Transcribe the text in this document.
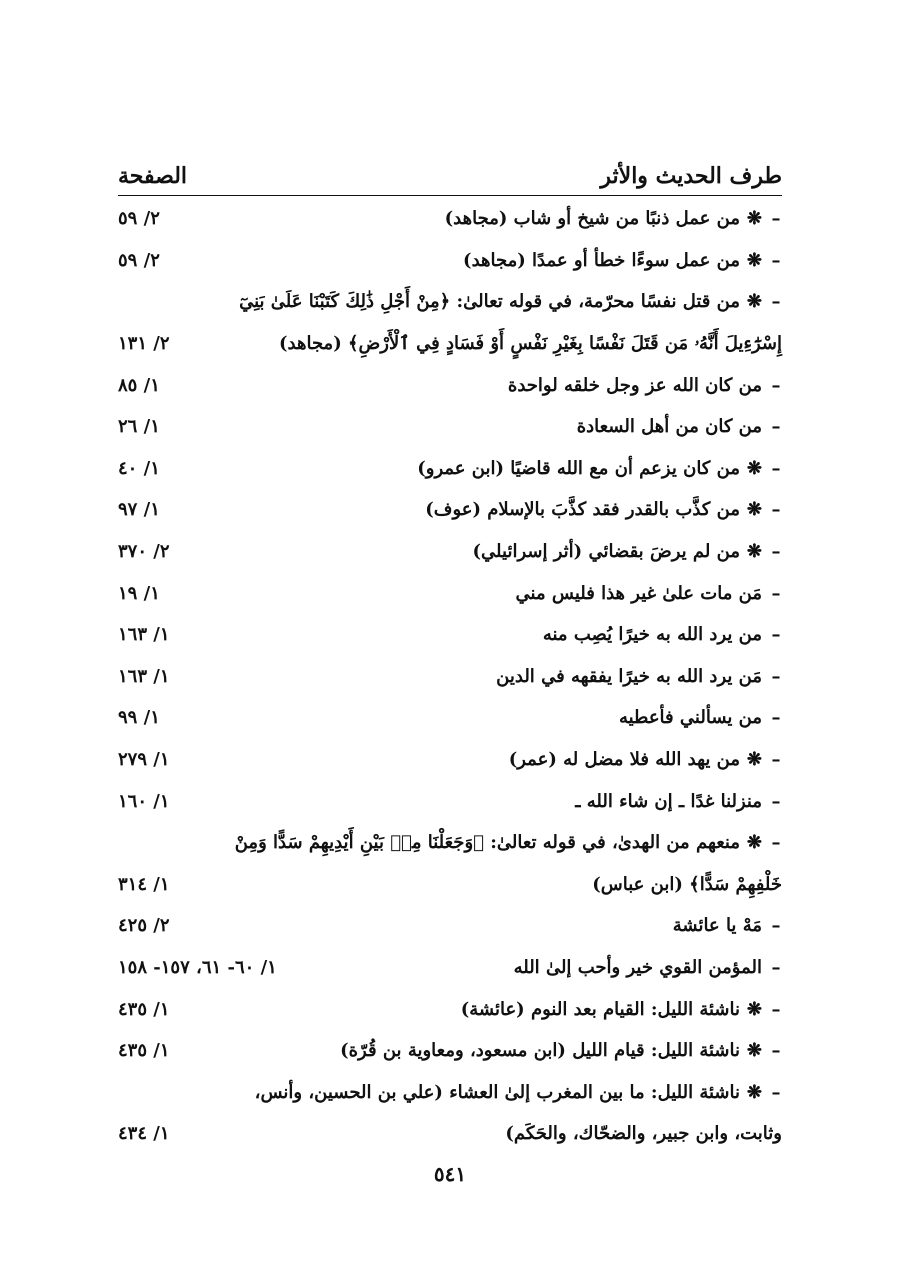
طرف الحديث والأثر
الصفحة
–
❋
من عمل ذنبًا من شيخ أو شاب (مجاهد)
٢/ ٥٩
–
❋
من عمل سوءًا خطأ أو عمدًا (مجاهد)
٢/ ٥٩
–
❋
من قتل نفسًا محرّمة، في قوله تعالىٰ: ﴿مِنْ أَجْلِ ذَٰلِكَ كَتَبْنَا عَلَىٰ بَنِيٓ
إِسْرَٰٓءِيلَ أَنَّهُۥ مَن قَتَلَ نَفْسًا بِغَيْرِ نَفْسٍ أَوْ فَسَادٍ فِي ٱلْأَرْضِ﴾ (مجاهد)
٢/ ١٣١
–
من كان الله عز وجل خلقه لواحدة
١/ ٨٥
–
من كان من أهل السعادة
١/ ٢٦
–
❋
من كان يزعم أن مع الله قاضيًا (ابن عمرو)
١/ ٤٠
–
❋
من كذَّب بالقدر فقد كذَّبَ بالإسلام (عوف)
١/ ٩٧
–
❋
من لم يرضَ بقضائي (أثر إسرائيلي)
٢/ ٣٧٠
–
مَن مات علىٰ غير هذا فليس مني
١/ ١٩
–
من يرد الله به خيرًا يُصِب منه
١/ ١٦٣
–
مَن يرد الله به خيرًا يفقهه في الدين
١/ ١٦٣
–
من يسألني فأعطيه
١/ ٩٩
–
❋
من يهد الله فلا مضل له (عمر)
١/ ٢٧٩
–
منزلنا غدًا ـ إن شاء الله ـ
١/ ١٦٠
–
❋
منعهم من الهدىٰ، في قوله تعالىٰ: ﴿وَجَعَلْنَا مِنۢ بَيْنِ أَيْدِيهِمْ سَدًّا وَمِنْ
خَلْفِهِمْ سَدًّا﴾ (ابن عباس)
١/ ٣١٤
–
مَهْ يا عائشة
٢/ ٤٢٥
–
المؤمن القوي خير وأحب إلىٰ الله
١/ ٦٠- ٦١، ١٥٧- ١٥٨
–
❋
ناشئة الليل: القيام بعد النوم (عائشة)
١/ ٤٣٥
–
❋
ناشئة الليل: قيام الليل (ابن مسعود، ومعاوية بن قُرّة)
١/ ٤٣٥
–
❋
ناشئة الليل: ما بين المغرب إلىٰ العشاء (علي بن الحسين، وأنس،
وثابت، وابن جبير، والضحّاك، والحَكَم)
١/ ٤٣٤
٥٤١
